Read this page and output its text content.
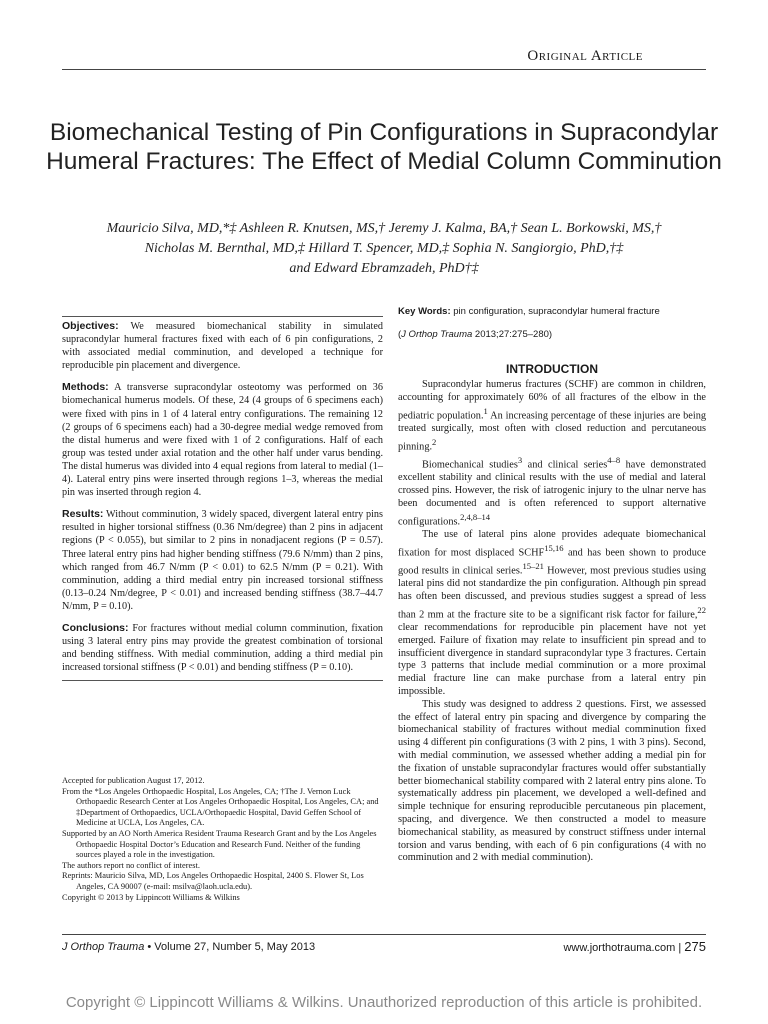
Original Article
Biomechanical Testing of Pin Configurations in Supracondylar Humeral Fractures: The Effect of Medial Column Comminution
Mauricio Silva, MD,*‡ Ashleen R. Knutsen, MS,† Jeremy J. Kalma, BA,† Sean L. Borkowski, MS,†
Nicholas M. Bernthal, MD,‡ Hillard T. Spencer, MD,‡ Sophia N. Sangiorgio, PhD,†‡
and Edward Ebramzadeh, PhD†‡

Objectives: We measured biomechanical stability in simulated supracondylar humeral fractures fixed with each of 6 pin configurations, 2 with associated medial comminution, and developed a technique for reproducible pin placement and divergence.

Methods: A transverse supracondylar osteotomy was performed on 36 biomechanical humerus models. Of these, 24 (4 groups of 6 specimens each) were fixed with pins in 1 of 4 lateral entry configurations. The remaining 12 (2 groups of 6 specimens each) had a 30-degree medial wedge removed from the distal humerus and were fixed with 1 of 2 configurations. Half of each group was tested under axial rotation and the other half under varus bending. The distal humerus was divided into 4 equal regions from lateral to medial (1–4). Lateral entry pins were inserted through regions 1–3, whereas the medial pin was inserted through region 4.

Results: Without comminution, 3 widely spaced, divergent lateral entry pins resulted in higher torsional stiffness (0.36 Nm/degree) than 2 pins in adjacent regions (P < 0.055), but similar to 2 pins in nonadjacent regions (P = 0.57). Three lateral entry pins had higher bending stiffness (79.6 N/mm) than 2 pins, which ranged from 46.7 N/mm (P < 0.01) to 62.5 N/mm (P = 0.21). With comminution, adding a third medial entry pin increased torsional stiffness (0.13–0.24 Nm/degree, P < 0.01) and increased bending stiffness (38.7–44.7 N/mm, P = 0.10).

Conclusions: For fractures without medial column comminution, fixation using 3 lateral entry pins may provide the greatest combination of torsional and bending stiffness. With medial comminution, adding a third medial pin increased torsional stiffness (P < 0.01) and bending stiffness (P = 0.10).

Accepted for publication August 17, 2012.

From the *Los Angeles Orthopaedic Hospital, Los Angeles, CA; †The J. Vernon Luck Orthopaedic Research Center at Los Angeles Orthopaedic Hospital, Los Angeles, CA; and ‡Department of Orthopaedics, UCLA/Orthopaedic Hospital, David Geffen School of Medicine at UCLA, Los Angeles, CA.

Supported by an AO North America Resident Trauma Research Grant and by the Los Angeles Orthopaedic Hospital Doctor’s Education and Research Fund. Neither of the funding sources played a role in the investigation.

The authors report no conflict of interest.

Reprints: Mauricio Silva, MD, Los Angeles Orthopaedic Hospital, 2400 S. Flower St, Los Angeles, CA 90007 (e-mail: msilva@laoh.ucla.edu).

Copyright © 2013 by Lippincott Williams & Wilkins

Key Words: pin configuration, supracondylar humeral fracture

(J Orthop Trauma 2013;27:275–280)

INTRODUCTION

Supracondylar humerus fractures (SCHF) are common in children, accounting for approximately 60% of all fractures of the elbow in the pediatric population.$^1$ An increasing percentage of these injuries are being treated surgically, most often with closed reduction and percutaneous pinning.$^2$

Biomechanical studies$^3$ and clinical series$^{4-8}$ have demonstrated excellent stability and clinical results with the use of medial and lateral crossed pins. However, the risk of iatrogenic injury to the ulnar nerve has been documented and is often referenced to support alternative configurations.$^{2,4,8-14}$

The use of lateral pins alone provides adequate biomechanical fixation for most displaced SCHF$^{15,16}$ and has been shown to produce good results in clinical series.$^{15-21}$ However, most previous studies using lateral pins did not standardize the pin configuration. Although pin spread has often been discussed, and previous studies suggest a spread of less than 2 mm at the fracture site to be a significant risk factor for failure,$^{22}$ clear recommendations for reproducible pin placement have not yet emerged. Failure of fixation may relate to insufficient pin spread and to insufficient divergence in standard supracondylar type 3 fractures. Certain type 3 patterns that include medial comminution or a more proximal medial fracture line can make purchase from a lateral entry pin impossible.

This study was designed to address 2 questions. First, we assessed the effect of lateral entry pin spacing and divergence by comparing the biomechanical stability of fractures without medial comminution fixed using 4 different pin configurations (3 with 2 pins, 1 with 3 pins). Second, with medial comminution, we assessed whether adding a medial pin for the fixation of unstable supracondylar fractures would offer substantially better biomechanical stability compared with 2 lateral entry pins alone. To systematically address pin placement, we developed a well-defined and simple technique for ensuring reproducible percutaneous pin placement, spacing, and divergence. We then constructed a model to measure biomechanical stability, as measured by construct stiffness under internal torsion and varus bending, with each of 6 pin configurations (4 with no comminution and 2 with medial comminution).

J Orthop Trauma • Volume 27, Number 5, May 2013	www.jorthotrauma.com | 275
Copyright © Lippincott Williams & Wilkins. Unauthorized reproduction of this article is prohibited.
